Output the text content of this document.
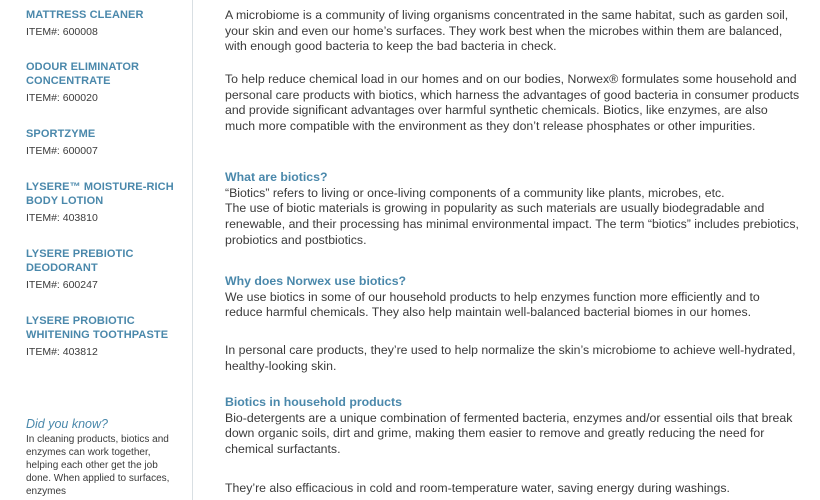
MATTRESS CLEANER
ITEM#: 600008
ODOUR ELIMINATOR CONCENTRATE
ITEM#: 600020
SPORTZYME
ITEM#: 600007
LYSERE™ MOISTURE-RICH BODY LOTION
ITEM#: 403810
LYSERE PREBIOTIC DEODORANT
ITEM#: 600247
LYSERE PROBIOTIC WHITENING TOOTHPASTE
ITEM#: 403812
Did you know?
In cleaning products, biotics and enzymes can work together, helping each other get the job done. When applied to surfaces, enzymes

A microbiome is a community of living organisms concentrated in the same habitat, such as garden soil, your skin and even our home’s surfaces. They work best when the microbes within them are balanced, with enough good bacteria to keep the bad bacteria in check.

To help reduce chemical load in our homes and on our bodies, Norwex® formulates some household and personal care products with biotics, which harness the advantages of good bacteria in consumer products and provide significant advantages over harmful synthetic chemicals. Biotics, like enzymes, are also much more compatible with the environment as they don’t release phosphates or other impurities.

What are biotics?

“Biotics” refers to living or once-living components of a community like plants, microbes, etc.

The use of biotic materials is growing in popularity as such materials are usually biodegradable and renewable, and their processing has minimal environmental impact. The term “biotics” includes prebiotics, probiotics and postbiotics.

Why does Norwex use biotics?

We use biotics in some of our household products to help enzymes function more efficiently and to reduce harmful chemicals. They also help maintain well-balanced bacterial biomes in our homes.

In personal care products, they’re used to help normalize the skin’s microbiome to achieve well-hydrated, healthy-looking skin.

Biotics in household products

Bio-detergents are a unique combination of fermented bacteria, enzymes and/or essential oils that break down organic soils, dirt and grime, making them easier to remove and greatly reducing the need for chemical surfactants.

They’re also efficacious in cold and room-temperature water, saving energy during washings.
